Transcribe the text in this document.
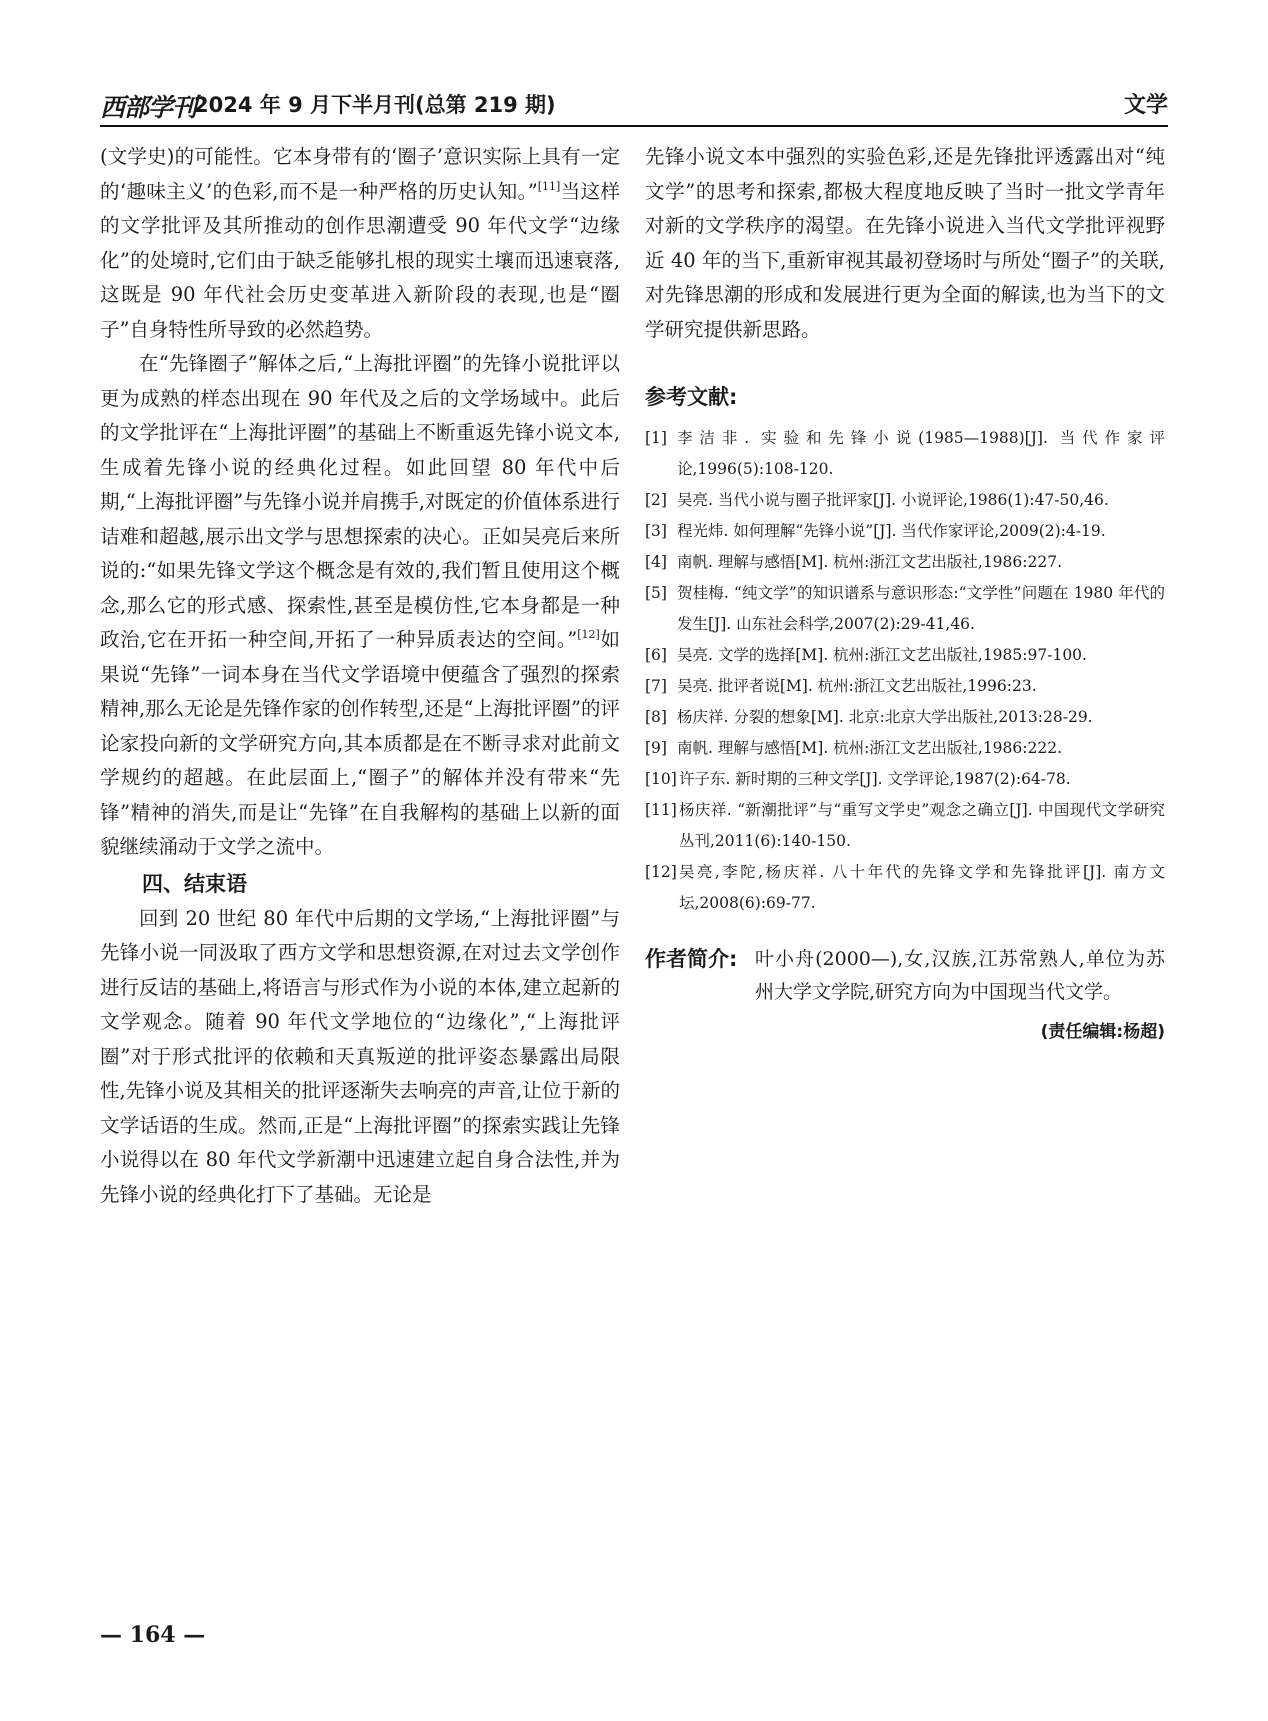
西部学刊
2024 年 9 月下半月刊(总第 219 期)	文学

(文学史)的可能性。它本身带有的‘圈子’意识实际上具有一定的‘趣味主义’的色彩,而不是一种严格的历史认知。”[11]当这样的文学批评及其所推动的创作思潮遭受 90 年代文学“边缘化”的处境时,它们由于缺乏能够扎根的现实土壤而迅速衰落,这既是 90 年代社会历史变革进入新阶段的表现,也是“圈子”自身特性所导致的必然趋势。

在“先锋圈子”解体之后,“上海批评圈”的先锋小说批评以更为成熟的样态出现在 90 年代及之后的文学场域中。此后的文学批评在“上海批评圈”的基础上不断重返先锋小说文本,生成着先锋小说的经典化过程。如此回望 80 年代中后期,“上海批评圈”与先锋小说并肩携手,对既定的价值体系进行诘难和超越,展示出文学与思想探索的决心。正如吴亮后来所说的:“如果先锋文学这个概念是有效的,我们暂且使用这个概念,那么它的形式感、探索性,甚至是模仿性,它本身都是一种政治,它在开拓一种空间,开拓了一种异质表达的空间。”[12]如果说“先锋”一词本身在当代文学语境中便蕴含了强烈的探索精神,那么无论是先锋作家的创作转型,还是“上海批评圈”的评论家投向新的文学研究方向,其本质都是在不断寻求对此前文学规约的超越。在此层面上,“圈子”的解体并没有带来“先锋”精神的消失,而是让“先锋”在自我解构的基础上以新的面貌继续涌动于文学之流中。

四、结束语

回到 20 世纪 80 年代中后期的文学场,“上海批评圈”与先锋小说一同汲取了西方文学和思想资源,在对过去文学创作进行反诘的基础上,将语言与形式作为小说的本体,建立起新的文学观念。随着 90 年代文学地位的“边缘化”,“上海批评圈”对于形式批评的依赖和天真叛逆的批评姿态暴露出局限性,先锋小说及其相关的批评逐渐失去响亮的声音,让位于新的文学话语的生成。然而,正是“上海批评圈”的探索实践让先锋小说得以在 80 年代文学新潮中迅速建立起自身合法性,并为先锋小说的经典化打下了基础。无论是

先锋小说文本中强烈的实验色彩,还是先锋批评透露出对“纯文学”的思考和探索,都极大程度地反映了当时一批文学青年对新的文学秩序的渴望。在先锋小说进入当代文学批评视野近 40 年的当下,重新审视其最初登场时与所处“圈子”的关联,对先锋思潮的形成和发展进行更为全面的解读,也为当下的文学研究提供新思路。

参考文献:
[1] 李洁非. 实验和先锋小说(1985—1988)[J]. 当代作家评论,1996(5):108-120.
[2] 吴亮. 当代小说与圈子批评家[J]. 小说评论,1986(1):47-50,46.
[3] 程光炜. 如何理解“先锋小说”[J]. 当代作家评论,2009(2):4-19.
[4] 南帆. 理解与感悟[M]. 杭州:浙江文艺出版社,1986:227.
[5] 贺桂梅. “纯文学”的知识谱系与意识形态:“文学性”问题在 1980 年代的发生[J]. 山东社会科学,2007(2):29-41,46.
[6] 吴亮. 文学的选择[M]. 杭州:浙江文艺出版社,1985:97-100.
[7] 吴亮. 批评者说[M]. 杭州:浙江文艺出版社,1996:23.
[8] 杨庆祥. 分裂的想象[M]. 北京:北京大学出版社,2013:28-29.
[9] 南帆. 理解与感悟[M]. 杭州:浙江文艺出版社,1986:222.
[10] 许子东. 新时期的三种文学[J]. 文学评论,1987(2):64-78.
[11] 杨庆祥. “新潮批评”与“重写文学史”观念之确立[J]. 中国现代文学研究丛刊,2011(6):140-150.
[12] 吴亮,李陀,杨庆祥. 八十年代的先锋文学和先锋批评[J]. 南方文坛,2008(6):69-77.
作者简介: 叶小舟(2000—),女,汉族,江苏常熟人,单位为苏州大学文学院,研究方向为中国现当代文学。
(责任编辑:杨超)
— 164 —
